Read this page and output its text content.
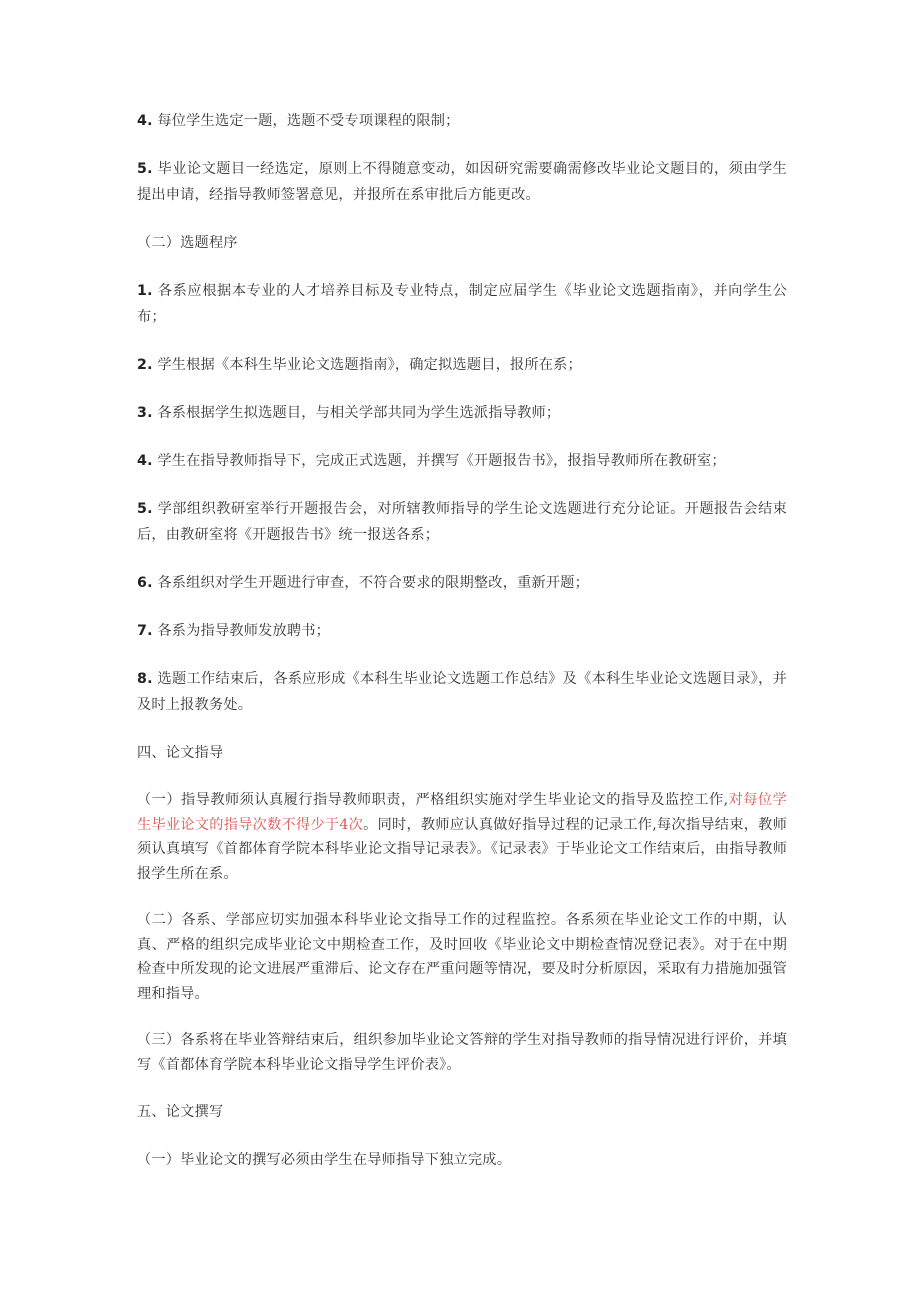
4. 每位学生选定一题，选题不受专项课程的限制；

5. 毕业论文题目一经选定，原则上不得随意变动，如因研究需要确需修改毕业论文题目的，须由学生提出申请，经指导教师签署意见，并报所在系审批后方能更改。

（二）选题程序

1. 各系应根据本专业的人才培养目标及专业特点，制定应届学生《毕业论文选题指南》，并向学生公布；

2. 学生根据《本科生毕业论文选题指南》，确定拟选题目，报所在系；

3. 各系根据学生拟选题目，与相关学部共同为学生选派指导教师；

4. 学生在指导教师指导下，完成正式选题，并撰写《开题报告书》，报指导教师所在教研室；

5. 学部组织教研室举行开题报告会，对所辖教师指导的学生论文选题进行充分论证。开题报告会结束后，由教研室将《开题报告书》统一报送各系；

6. 各系组织对学生开题进行审查，不符合要求的限期整改，重新开题；

7. 各系为指导教师发放聘书；

8. 选题工作结束后，各系应形成《本科生毕业论文选题工作总结》及《本科生毕业论文选题目录》，并及时上报教务处。

四、论文指导

（一）指导教师须认真履行指导教师职责，严格组织实施对学生毕业论文的指导及监控工作,对每位学生毕业论文的指导次数不得少于4次。同时，教师应认真做好指导过程的记录工作,每次指导结束，教师须认真填写《首都体育学院本科毕业论文指导记录表》。《记录表》于毕业论文工作结束后，由指导教师报学生所在系。

（二）各系、学部应切实加强本科毕业论文指导工作的过程监控。各系须在毕业论文工作的中期，认真、严格的组织完成毕业论文中期检查工作，及时回收《毕业论文中期检查情况登记表》。对于在中期检查中所发现的论文进展严重滞后、论文存在严重问题等情况，要及时分析原因，采取有力措施加强管理和指导。

（三）各系将在毕业答辩结束后，组织参加毕业论文答辩的学生对指导教师的指导情况进行评价，并填写《首都体育学院本科毕业论文指导学生评价表》。

五、论文撰写

（一）毕业论文的撰写必须由学生在导师指导下独立完成。
